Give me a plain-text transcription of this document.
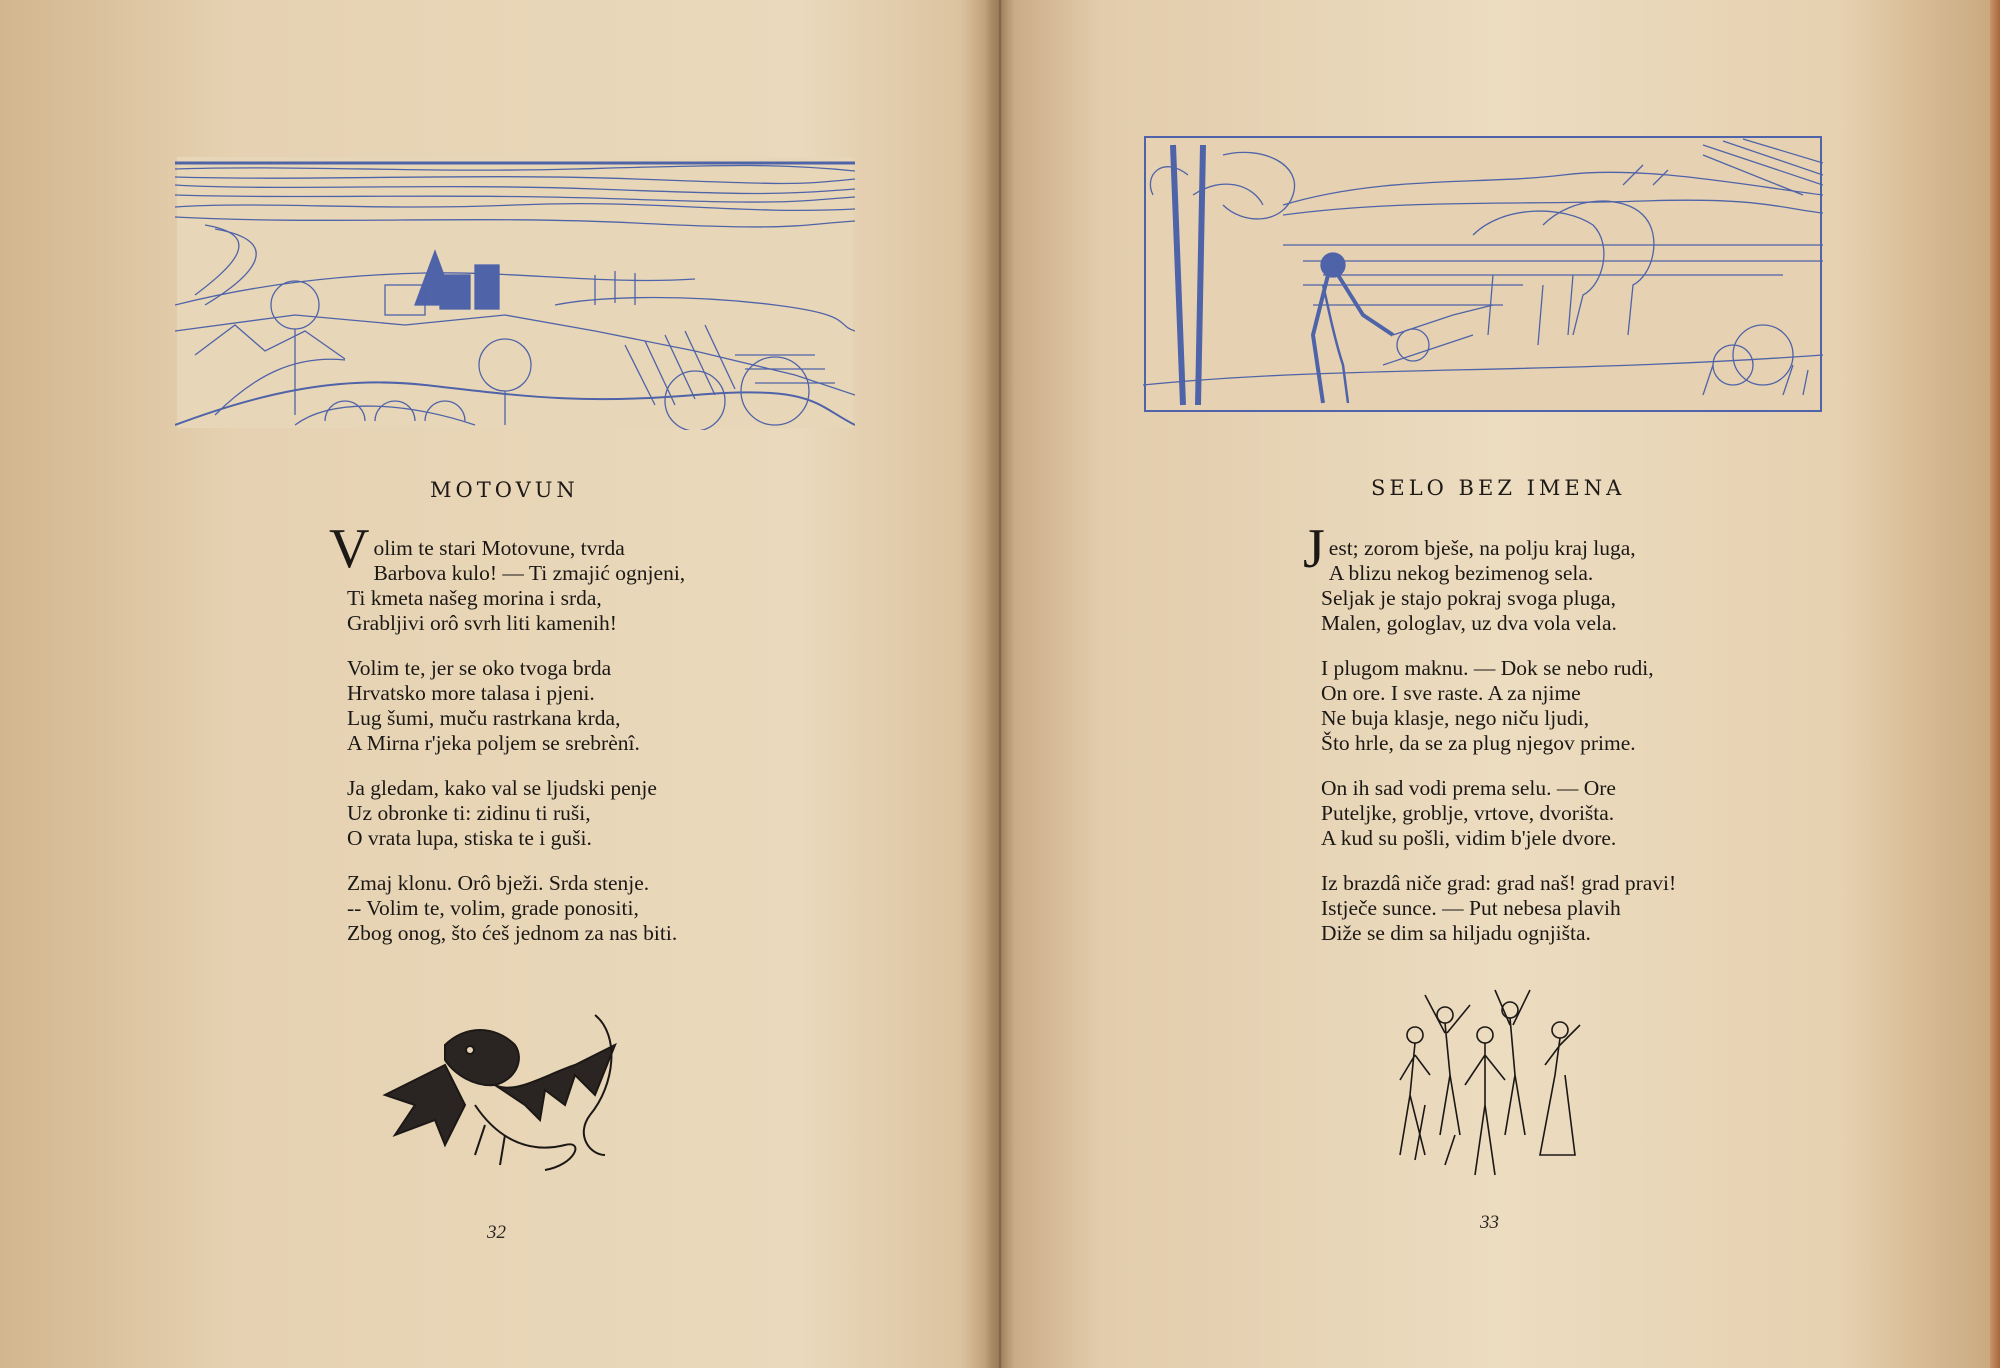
MOTOVUN
V olim te stari Motovune, tvrda

Barbova kulo! — Ti zmajić ognjeni,

Ti kmeta našeg morina i srda,

Grabljivi orô svrh liti kamenih!

Volim te, jer se oko tvoga brda

Hrvatsko more talasa i pjeni.

Lug šumi, muču rastrkana krda,

A Mirna r'jeka poljem se srebrènî.

Ja gledam, kako val se ljudski penje

Uz obronke ti: zidinu ti ruši,

O vrata lupa, stiska te i guši.

Zmaj klonu. Orô bježi. Srda stenje.

-- Volim te, volim, grade ponositi,

Zbog onog, što ćeš jednom za nas biti.

32
SELO BEZ IMENA
J est; zorom bješe, na polju kraj luga,

A blizu nekog bezimenog sela.

Seljak je stajo pokraj svoga pluga,

Malen, gologlav, uz dva vola vela.

I plugom maknu. — Dok se nebo rudi,

On ore. I sve raste. A za njime

Ne buja klasje, nego niču ljudi,

Što hrle, da se za plug njegov prime.

On ih sad vodi prema selu. — Ore

Puteljke, groblje, vrtove, dvorišta.

A kud su pošli, vidim b'jele dvore.

Iz brazdâ niče grad: grad naš! grad pravi!

Istječe sunce. — Put nebesa plavih

Diže se dim sa hiljadu ognjišta.

33
